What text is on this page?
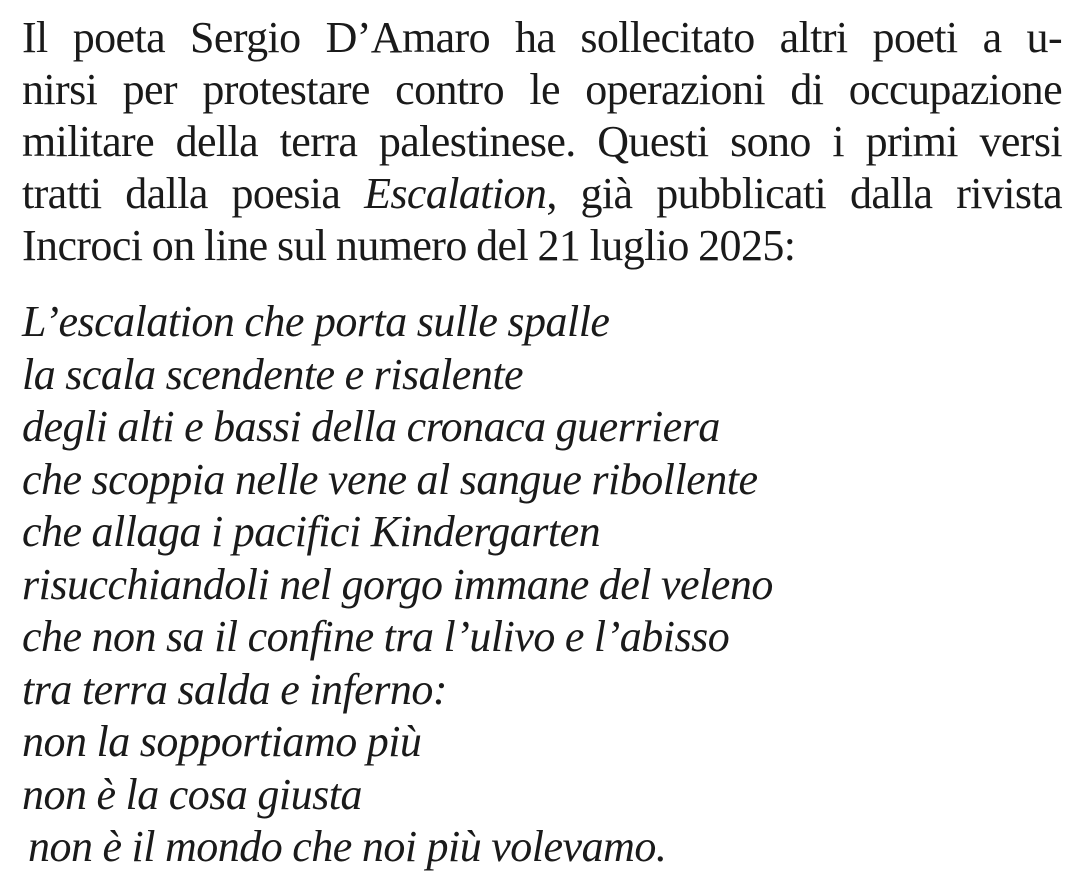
Il poeta Sergio D’Amaro ha sollecitato altri poeti a u-
nirsi per protestare contro le operazioni di occupazione
militare della terra palestinese. Questi sono i primi versi
tratti dalla poesia Escalation, già pubblicati dalla rivista
Incroci on line sul numero del 21 luglio 2025:

L’escalation che porta sulle spalle
la scala scendente e risalente
degli alti e bassi della cronaca guerriera
che scoppia nelle vene al sangue ribollente
che allaga i pacifici Kindergarten
risucchiandoli nel gorgo immane del veleno
che non sa il confine tra l’ulivo e l’abisso
tra terra salda e inferno:
non la sopportiamo più
non è la cosa giusta
non è il mondo che noi più volevamo.
